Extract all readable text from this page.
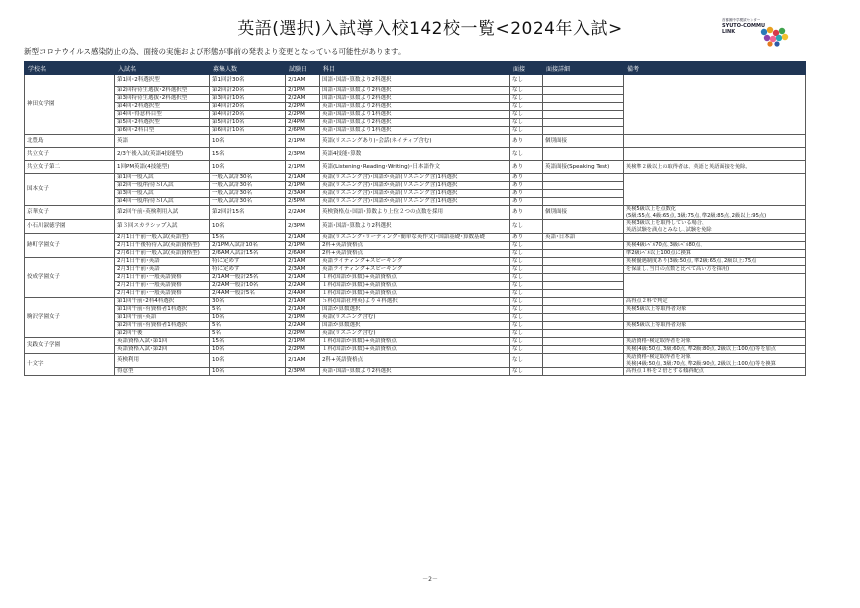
英語(選択)入試導入校142校一覧<2024年入試>	首都圏中学模試センター
SYUTO-COMMU
LINK
新型コロナウイルス感染防止の為、面接の実施および形態が事前の発表より変更となっている可能性があります。
学校名	入試名	募集人数	試験日	科目	面接	面接詳細	備考
神田女学園	第1回･2科選択型	第1回計30名	2/1AM	国語･国語･算数より2科選択	なし		
	第2回特待生選抜･2科選択型	第2回計20名	2/1PM	国語･国語･算数より2科選択	なし		
	第3回特待生選抜･2科選択型	第3回計10名	2/2AM	国語･国語･算数より2科選択	なし		
	第4回･2科選択型	第4回計20名	2/2PM	英語･国語･算数より2科選択	なし		
	第4回･得意科目型	第4回計20名	2/2PM	英語･国語･算数より1科選択	なし		
	第5回･2科選択型	第5回計10名	2/4PM	英語･国語･算数より2科選択	なし		
	第6回･2科目型	第6回計10名	2/6PM	英語･国語･算数より1科選択	なし		
北豊島	英語	10名	2/1PM	英語(リスニングあり)･会話(ネイティブ含む)	あり	個別面接	
共立女子	2/3午後入試(英語4技能型)	15名	2/3PM	英語4技能･算数	なし		
共立女子第二	1回PM英語(4技能型)	10名	2/1PM	英語(Listening･Reading･Writing)･日本語作文	あり	英語面接(Speaking Test)	英検準２級以上の取得者は、英語と英語面接を免除。
国本女子	第1回一般入試	一般入試計30名	2/1AM	英語(リスニング含)･国語か英語(リスニング含)1科選択	あり		
	第2回一般/特待ＳⅠ入試	一般入試計30名	2/1PM	英語(リスニング含)･国語か英語(リスニング含)1科選択	あり		
	第3回一般入試	一般入試計30名	2/3AM	英語(リスニング含)･国語か英語(リスニング含)1科選択	あり		
	第4回一般/特待ＳⅠ入試	一般入試計30名	2/5PM	英語(リスニング含)･国語か英語(リスニング含)1科選択	あり		
京華女子	第2回午前･英検利用入試	第2回計15名	2/2AM	英検資格点･国語･算数より上位２つの点数を採用	あり	個別面接	英検5級以上を点数化
(5級:55点､4級:65点､3級:75点､準2級:85点､2級以上:95点)
小石川淑徳学園	第３回スカラシップ入試	10名	2/3PM	英語･国語･算数より2科選択	なし		英検3級以上を取得している場合､
英語試験を満点とみなし､試験を免除
跡町学園女子	2月1日午前一般入試(英語型)	15名	2/1AM	英語(リスニング･リーディング･簡単な英作文)･国語基礎･算数基礎	あり	英語･日本語	
	2月1日午後特待入試(英語資格型)	2/1PM入試計10名	2/1PM	2科+英語資格点	なし		英検4級ﾚﾍﾞﾙ70点､3級ﾚﾍﾞﾙ80点､
	2月6日午前一般入試(英語資格型)	2/6AM入試計15名	2/6AM	2科+英語資格点	なし		準2級ﾚﾍﾞﾙ以上100点に換算
佼成学園女子	2月1日午前･英語	特に定めず	2/1AM	英語ライティング+スピーキング	なし		英検優遇制度あり(3級:50点､準2級:65点､2級以上:75点
	2月3日午前･英語	特に定めず	2/3AM	英語ライティング+スピーキング	なし		を保証し､当日の点数と比べて高い方を採用)
	2月1日午前･一般英語資格	2/1AM一般計25名	2/1AM	１科(国語か算数)+英語資格点	なし		
	2月2日午前･一般英語資格	2/2AM一般計10名	2/2AM	１科(国語か算数)+英語資格点	なし		
	2月4日午前･一般英語資格	2/4AM一般計5名	2/4AM	１科(国語か算数)+英語資格点	なし		
駒沢学園女子	第1回午前･2科4科選択	30名	2/1AM	５科(国語社理英)より４科選択	なし		高得点２科で判定
	第1回午前･有資格者1科選択	5名	2/1AM	国語か算数選択	なし		英検5級以上等取得者対象
	第1回午前･英語	10名	2/1PM	英語(リスニング含む)	なし		
	第2回午前･有資格者1科選択	5名	2/2AM	国語か算数選択	なし		英検5級以上等取得者対象
	第2回午後	5名	2/2PM	英語(リスニング含む)	なし		
実践女子学園	英語資格入試･第1回	15名	2/1PM	１科(国語か算数)+英語資格点	なし		英語資格･検定取得者を対象
	英語資格入試･第2回	10名	2/2PM	１科(国語か算数)+英語資格点	なし		英検(4級:50点､3級:60点､準2級:80点､2級以上:100点)等を加点
十文字	英検利用	10名	2/1AM	2科+英語資格点	なし		英語資格･検定取得者を対象
英検(4級:50点､3級:70点､準2級:90点､2級以上:100点)等を換算
	得意型	10名	2/3PM	英語･国語･算数より2科選択	なし		高得点１科を２倍とする傾斜配点
－2－
